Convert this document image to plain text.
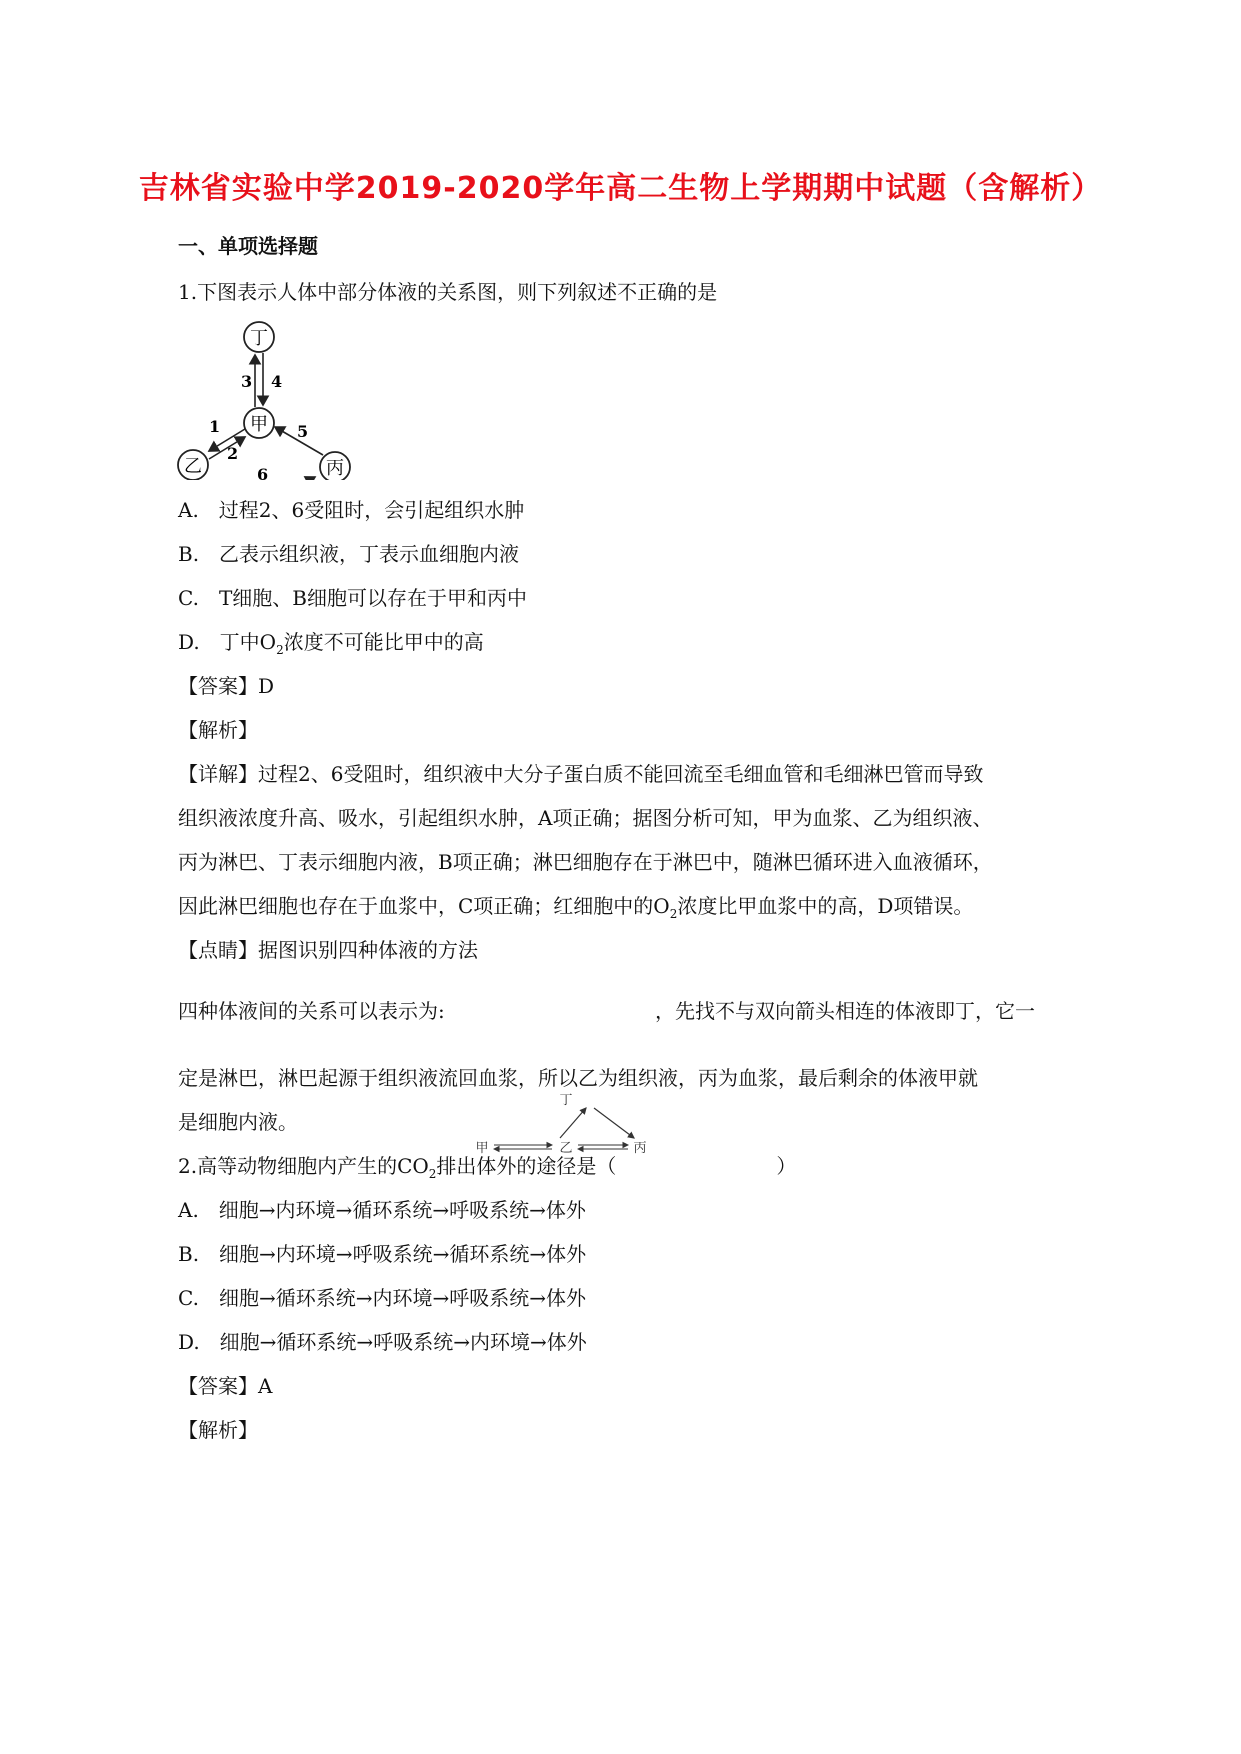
吉林省实验中学2019-2020学年高二生物上学期期中试题（含解析）
一、单项选择题
1.下图表示人体中部分体液的关系图，则下列叙述不正确的是
丁
甲
乙	丙
3 4
1
2
5
6
A.　过程2、6受阻时，会引起组织水肿
B.　乙表示组织液，丁表示血细胞内液
C.　T细胞、B细胞可以存在于甲和丙中
D.　丁中$O_2$浓度不可能比甲中的高
【答案】D
【解析】
【详解】过程2、6受阻时，组织液中大分子蛋白质不能回流至毛细血管和毛细淋巴管而导致
组织液浓度升高、吸水，引起组织水肿，A项正确；据图分析可知，甲为血浆、乙为组织液、
丙为淋巴、丁表示细胞内液，B项正确；淋巴细胞存在于淋巴中，随淋巴循环进入血液循环，
因此淋巴细胞也存在于血浆中，C项正确；红细胞中的$O_2$浓度比甲血浆中的高，D项错误。
【点睛】据图识别四种体液的方法
四种体液间的关系可以表示为:
丁
甲	乙	丙
，先找不与双向箭头相连的体液即丁，它一
定是淋巴，淋巴起源于组织液流回血浆，所以乙为组织液，丙为血浆，最后剩余的体液甲就
是细胞内液。
2.高等动物细胞内产生的$CO_2$排出体外的途径是（　　　　　　　　）
A.　细胞→内环境→循环系统→呼吸系统→体外
B.　细胞→内环境→呼吸系统→循环系统→体外
C.　细胞→循环系统→内环境→呼吸系统→体外
D.　细胞→循环系统→呼吸系统→内环境→体外
【答案】A
【解析】
